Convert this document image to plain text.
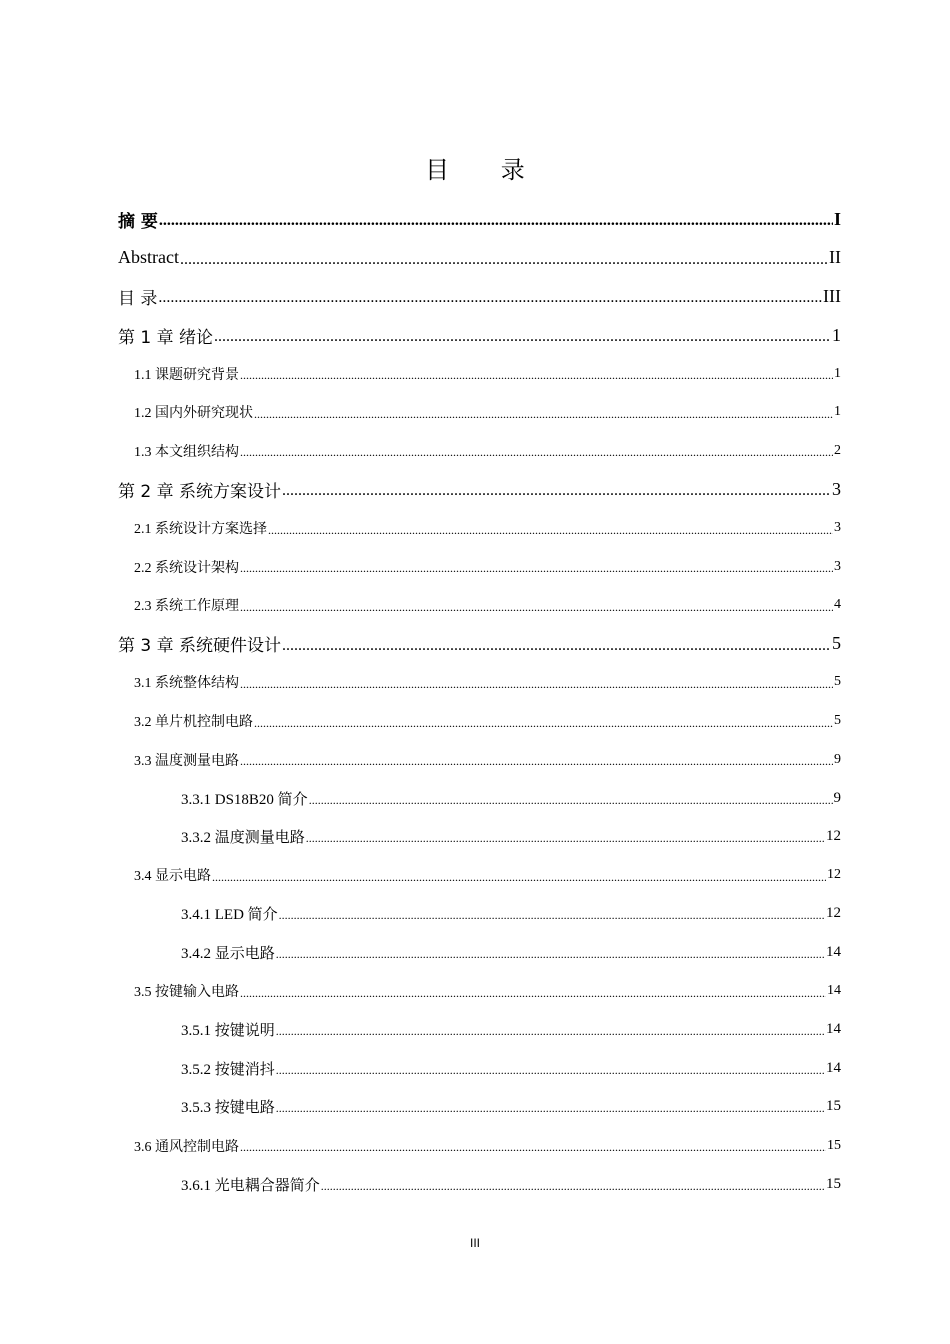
目 录
摘 要 .....	I
Abstract .....	II
目 录 .....	III
第 1 章 绪论 .....	1
1.1 课题研究背景 .....	1
1.2 国内外研究现状 .....	1
1.3 本文组织结构 .....	2
第 2 章 系统方案设计 .....	3
2.1 系统设计方案选择 .....	3
2.2 系统设计架构 .....	3
2.3 系统工作原理 .....	4
第 3 章 系统硬件设计 .....	5
3.1 系统整体结构 .....	5
3.2 单片机控制电路 .....	5
3.3 温度测量电路 .....	9
3.3.1 DS18B20 简介 .....	9
3.3.2 温度测量电路 .....	12
3.4 显示电路 .....	12
3.4.1 LED 简介 .....	12
3.4.2 显示电路 .....	14
3.5 按键输入电路 .....	14
3.5.1 按键说明 .....	14
3.5.2 按键消抖 .....	14
3.5.3 按键电路 .....	15
3.6 通风控制电路 .....	15
3.6.1 光电耦合器简介 .....	15
III
